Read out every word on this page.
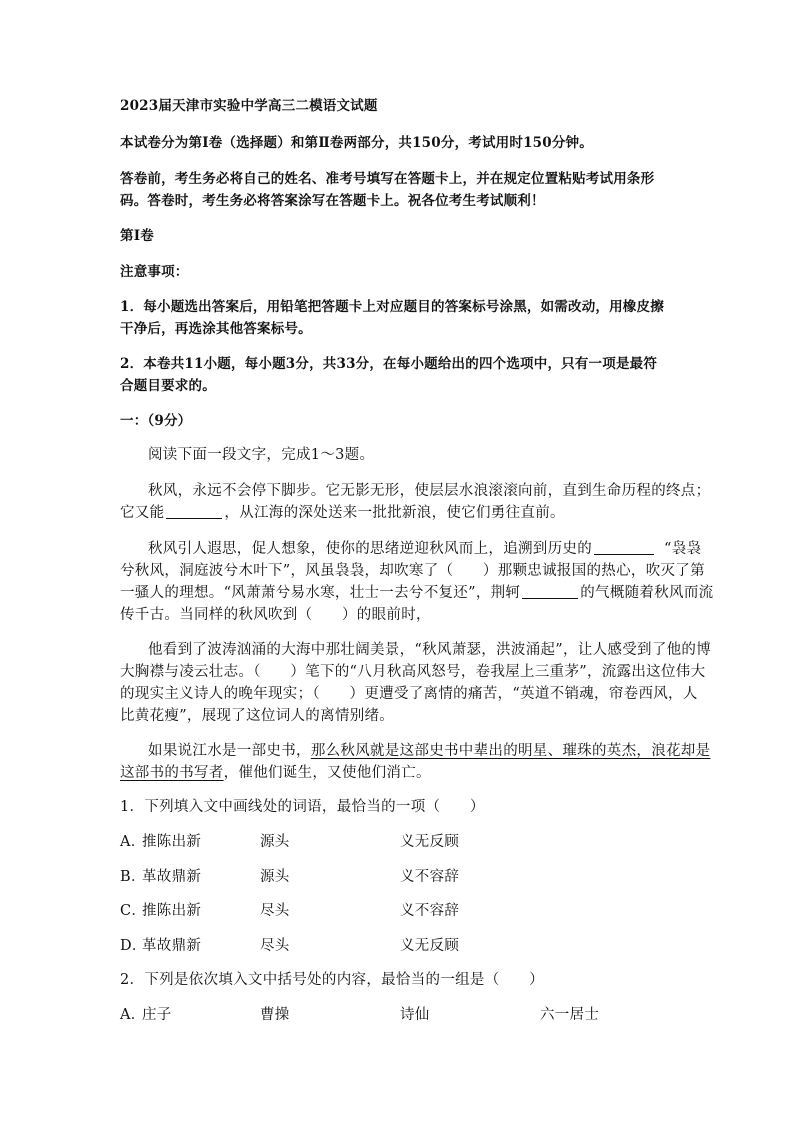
2023届天津市实验中学高三二模语文试题
本试卷分为第Ⅰ卷（选择题）和第Ⅱ卷两部分，共150分，考试用时150分钟。
答卷前，考生务必将自己的姓名、准考号填写在答题卡上，并在规定位置粘贴考试用条形
码。答卷时，考生务必将答案涂写在答题卡上。祝各位考生考试顺利！
第Ⅰ卷
注意事项：
1．每小题选出答案后，用铅笔把答题卡上对应题目的答案标号涂黑，如需改动，用橡皮擦
干净后，再选涂其他答案标号。
2．本卷共11小题，每小题3分，共33分，在每小题给出的四个选项中，只有一项是最符
合题目要求的。
一：（9分）
阅读下面一段文字，完成1～3题。
秋风，永远不会停下脚步。它无影无形，使层层水浪滚滚向前，直到生命历程的终点；
它又能	，从江海的深处送来一批批新浪，使它们勇往直前。
秋风引人遐思，促人想象，使你的思绪逆迎秋风而上，追溯到历史的	“袅袅
兮秋风，洞庭波兮木叶下”，风虽袅袅，却吹寒了（　　）那颗忠诚报国的热心，吹灭了第
一骚人的理想。“风萧萧兮易水寒，壮士一去兮不复还”，荆轲	的气概随着秋风而流
传千古。当同样的秋风吹到（　　）的眼前时，
他看到了波涛汹涌的大海中那壮阔美景，“秋风萧瑟，洪波涌起”，让人感受到了他的博
大胸襟与凌云壮志。（　　）笔下的“八月秋高风怒号，卷我屋上三重茅”，流露出这位伟大
的现实主义诗人的晚年现实；（　　）更遭受了离情的痛苦，“英道不销魂，帘卷西风，人
比黄花瘦”，展现了这位词人的离情别绪。
如果说江水是一部史书，那么秋风就是这部史书中辈出的明星、璀珠的英杰，浪花却是
这部书的书写者，催他们诞生，又使他们消亡。
1．下列填入文中画线处的词语，最恰当的一项（　　）
A．
推陈出新	源头	义无反顾
B．
革故鼎新	源头	义不容辞
C．
推陈出新	尽头	义不容辞
D．
革故鼎新	尽头	义无反顾
2．下列是依次填入文中括号处的内容，最恰当的一组是（　　）
A．
庄子	曹操	诗仙	六一居士
